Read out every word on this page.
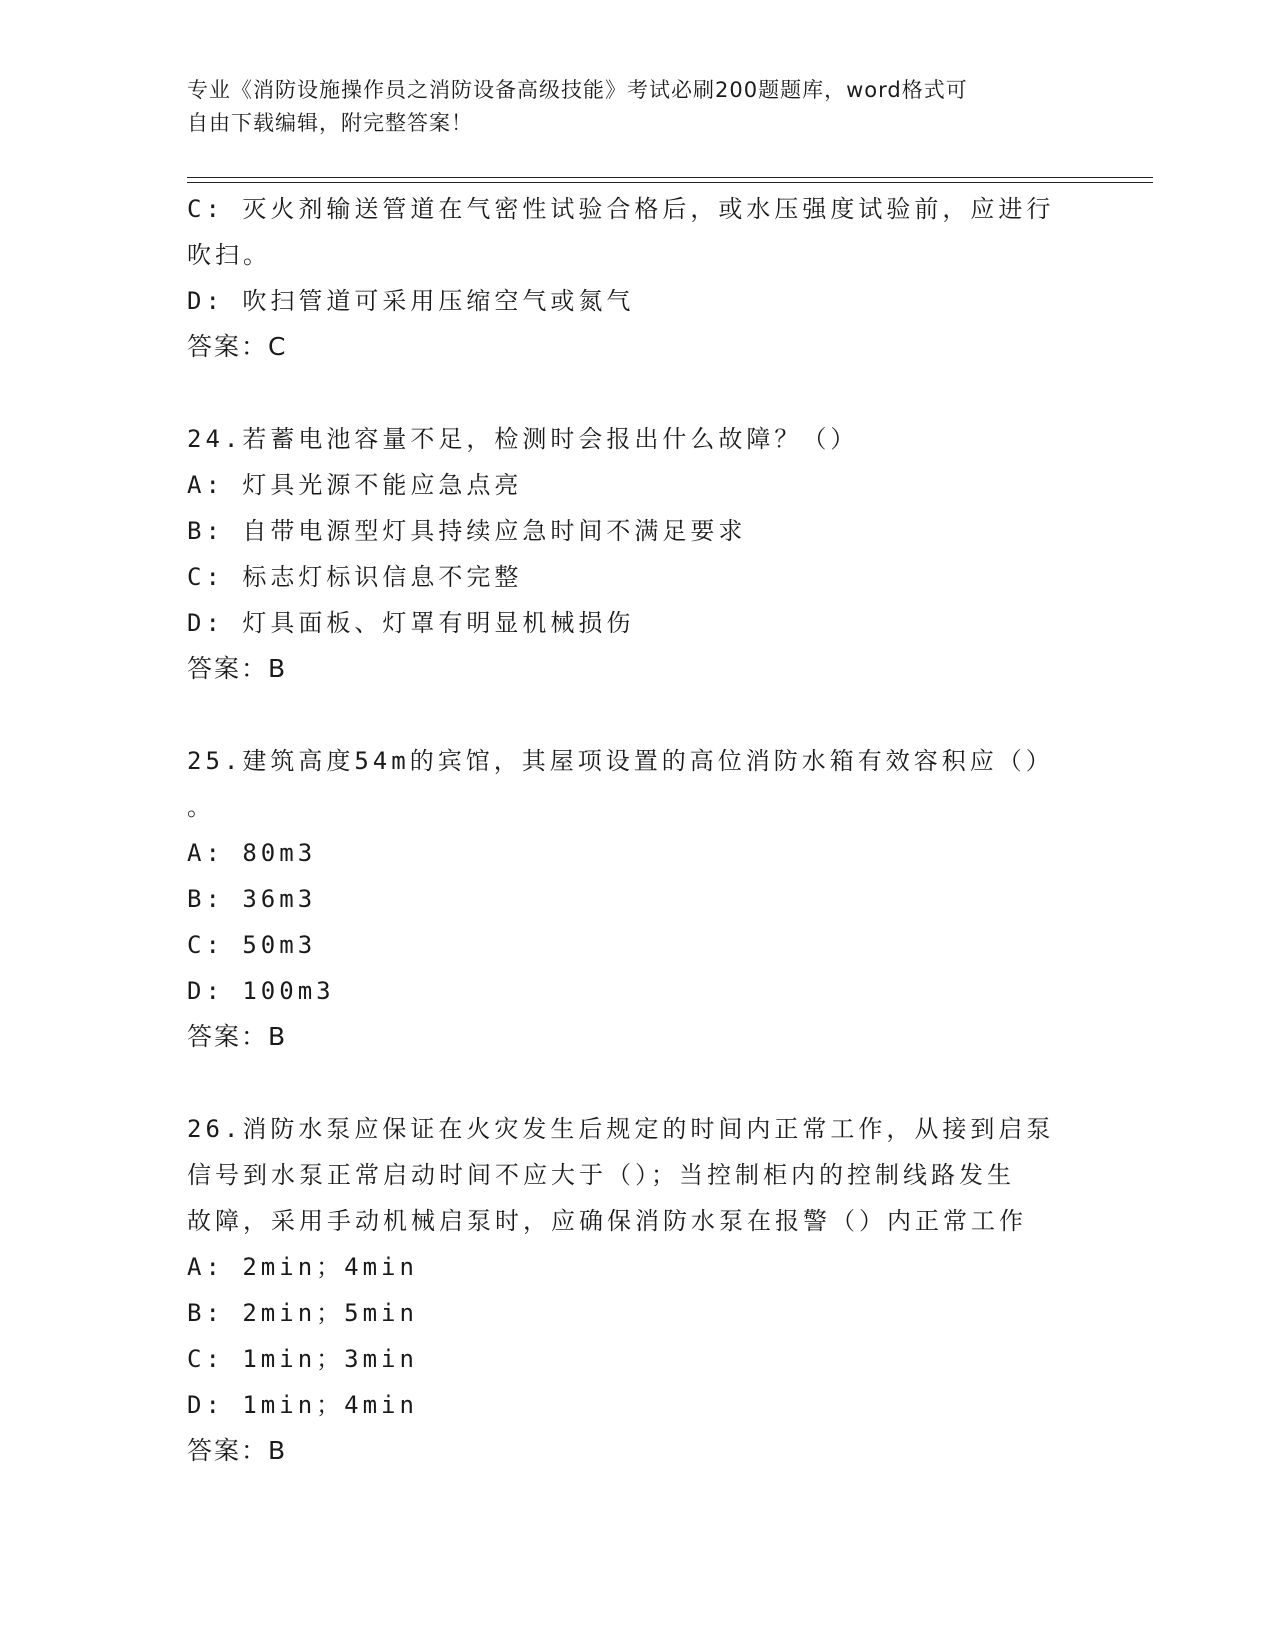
专业《消防设施操作员之消防设备高级技能》考试必刷200题题库，word格式可
自由下载编辑，附完整答案！
C: 灭火剂输送管道在气密性试验合格后，或水压强度试验前，应进行
吹扫。
D: 吹扫管道可采用压缩空气或氮气
答案：C
24.若蓄电池容量不足，检测时会报出什么故障？（）
A: 灯具光源不能应急点亮
B: 自带电源型灯具持续应急时间不满足要求
C: 标志灯标识信息不完整
D: 灯具面板、灯罩有明显机械损伤
答案：B
25.建筑高度54m的宾馆，其屋项设置的高位消防水箱有效容积应（）
。
A: 80m3
B: 36m3
C: 50m3
D: 100m3
答案：B
26.消防水泵应保证在火灾发生后规定的时间内正常工作，从接到启泵
信号到水泵正常启动时间不应大于（）；当控制柜内的控制线路发生
故障，采用手动机械启泵时，应确保消防水泵在报警（）内正常工作
A: 2min；4min
B: 2min；5min
C: 1min；3min
D: 1min；4min
答案：B
